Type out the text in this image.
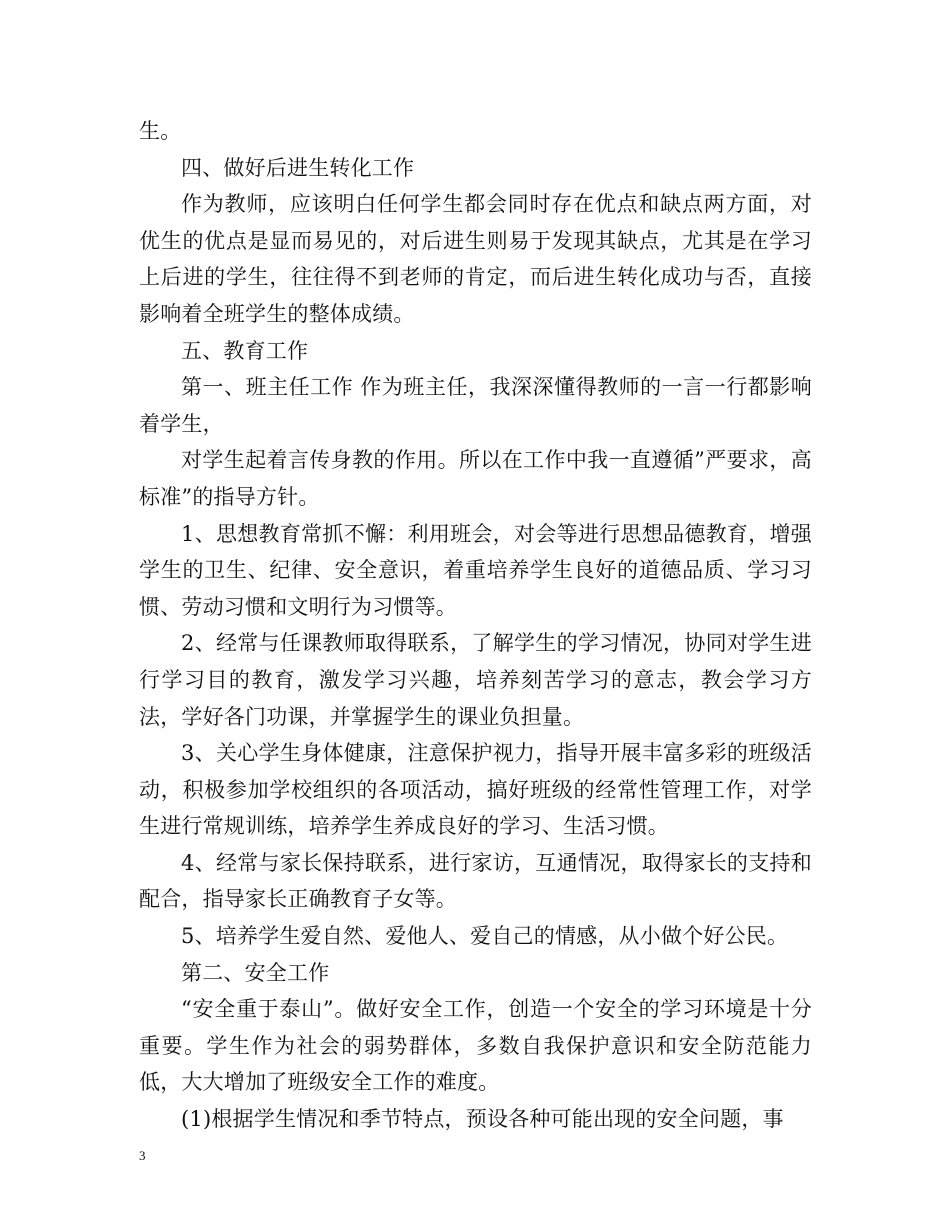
生。

四、做好后进生转化工作

作为教师，应该明白任何学生都会同时存在优点和缺点两方面，对优生的优点是显而易见的，对后进生则易于发现其缺点，尤其是在学习上后进的学生，往往得不到老师的肯定，而后进生转化成功与否，直接影响着全班学生的整体成绩。

五、教育工作

第一、班主任工作 作为班主任，我深深懂得教师的一言一行都影响着学生，

对学生起着言传身教的作用。所以在工作中我一直遵循”严要求，高标准”的指导方针。

1、思想教育常抓不懈：利用班会，对会等进行思想品德教育，增强学生的卫生、纪律、安全意识，着重培养学生良好的道德品质、学习习惯、劳动习惯和文明行为习惯等。

2、经常与任课教师取得联系，了解学生的学习情况，协同对学生进行学习目的教育，激发学习兴趣，培养刻苦学习的意志，教会学习方法，学好各门功课，并掌握学生的课业负担量。

3、关心学生身体健康，注意保护视力，指导开展丰富多彩的班级活动，积极参加学校组织的各项活动，搞好班级的经常性管理工作，对学生进行常规训练，培养学生养成良好的学习、生活习惯。

4、经常与家长保持联系，进行家访，互通情况，取得家长的支持和配合，指导家长正确教育子女等。

5、培养学生爱自然、爱他人、爱自己的情感，从小做个好公民。

第二、安全工作

“安全重于泰山”。做好安全工作，创造一个安全的学习环境是十分重要。学生作为社会的弱势群体，多数自我保护意识和安全防范能力低，大大增加了班级安全工作的难度。

(1)根据学生情况和季节特点，预设各种可能出现的安全问题，事

3
